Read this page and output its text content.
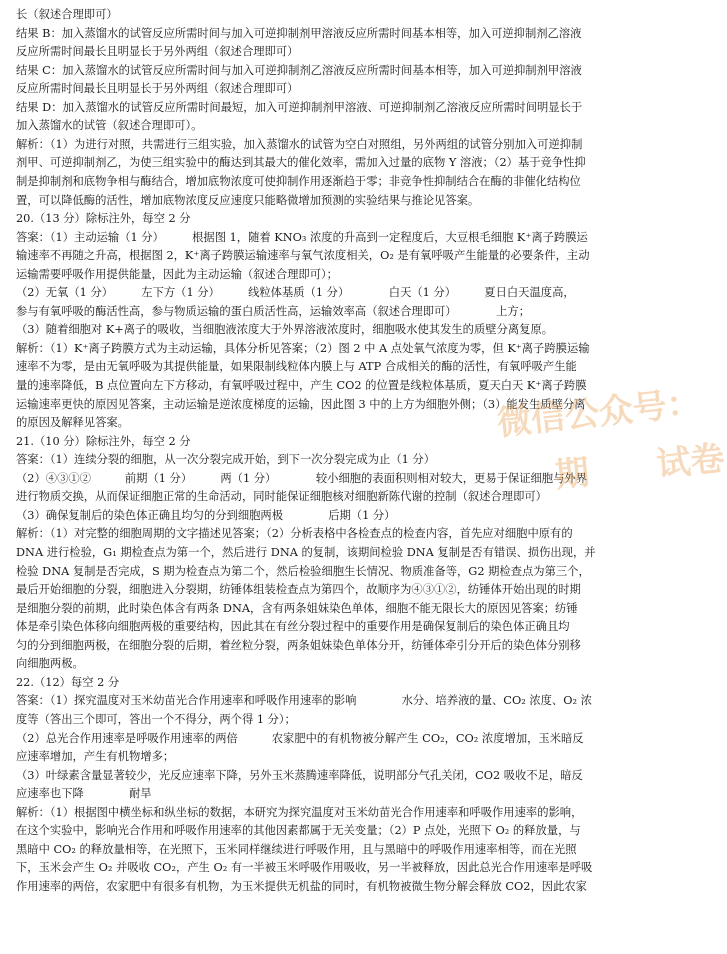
长（叙述合理即可）
结果 B：加入蒸馏水的试管反应所需时间与加入可逆抑制剂甲溶液反应所需时间基本相等，加入可逆抑制剂乙溶液
反应所需时间最长且明显长于另外两组（叙述合理即可）
结果 C：加入蒸馏水的试管反应所需时间与加入可逆抑制剂乙溶液反应所需时间基本相等，加入可逆抑制剂甲溶液
反应所需时间最长且明显长于另外两组（叙述合理即可）
结果 D：加入蒸馏水的试管反应所需时间最短，加入可逆抑制剂甲溶液、可逆抑制剂乙溶液反应所需时间明显长于
加入蒸馏水的试管（叙述合理即可）。
解析：（1）为进行对照，共需进行三组实验，加入蒸馏水的试管为空白对照组，另外两组的试管分别加入可逆抑制
剂甲、可逆抑制剂乙，为使三组实验中的酶达到其最大的催化效率，需加入过量的底物 Y 溶液；（2）基于竞争性抑
制是抑制剂和底物争相与酶结合，增加底物浓度可使抑制作用逐渐趋于零；非竞争性抑制结合在酶的非催化结构位
置，可以降低酶的活性，增加底物浓度反应速度只能略微增加预测的实验结果与推论见答案。
20.（13 分）除标注外，每空 2 分
答案：（1）主动运输（1 分）　　　根据图 1，随着 KNO₃ 浓度的升高到一定程度后，大豆根毛细胞 K⁺离子跨膜运
输速率不再随之升高，根据图 2，K⁺离子跨膜运输速率与氧气浓度相关，O₂ 是有氧呼吸产生能量的必要条件，主动
运输需要呼吸作用提供能量，因此为主动运输（叙述合理即可）；
（2）无氧（1 分）　　　左下方（1 分）　　　线粒体基质（1 分）　　　　白天（1 分）　　　夏日白天温度高，
参与有氧呼吸的酶活性高，参与物质运输的蛋白质活性高，运输效率高（叙述合理即可）　　　　上方；
（3）随着细胞对 K+离子的吸收，当细胞液浓度大于外界溶液浓度时，细胞吸水使其发生的质壁分离复原。
解析：（1）K⁺离子跨膜方式为主动运输，具体分析见答案；（2）图 2 中 A 点处氧气浓度为零，但 K⁺离子跨膜运输
速率不为零，是由无氧呼吸为其提供能量，如果限制线粒体内膜上与 ATP 合成相关的酶的活性，有氧呼吸产生能
量的速率降低，B 点位置向左下方移动，有氧呼吸过程中，产生 CO2 的位置是线粒体基质，夏天白天 K⁺离子跨膜
运输速率更快的原因见答案，主动运输是逆浓度梯度的运输，因此图 3 中的上方为细胞外侧；（3）能发生质壁分离
的原因及解释见答案。
21.（10 分）除标注外，每空 2 分
答案：（1）连续分裂的细胞，从一次分裂完成开始，到下一次分裂完成为止（1 分）
（2）④③①②　　　前期（1 分）　　　两（1 分）　　　　较小细胞的表面积则相对较大，更易于保证细胞与外界
进行物质交换，从而保证细胞正常的生命活动，同时能保证细胞核对细胞新陈代谢的控制（叙述合理即可）
（3）确保复制后的染色体正确且均匀的分到细胞两极　　　　后期（1 分）
解析：（1）对完整的细胞周期的文字描述见答案；（2）分析表格中各检查点的检查内容，首先应对细胞中原有的
DNA 进行检验，G₁ 期检查点为第一个，然后进行 DNA 的复制，该期间检验 DNA 复制是否有错误、损伤出现，并
检验 DNA 复制是否完成，S 期为检查点为第二个，然后检验细胞生长情况、物质准备等，G2 期检查点为第三个，
最后开始细胞的分裂，细胞进入分裂期，纺锤体组装检查点为第四个，故顺序为④③①②，纺锤体开始出现的时期
是细胞分裂的前期，此时染色体含有两条 DNA，含有两条姐妹染色单体，细胞不能无限长大的原因见答案；纺锤
体是牵引染色体移向细胞两极的重要结构，因此其在有丝分裂过程中的重要作用是确保复制后的染色体正确且均
匀的分到细胞两极，在细胞分裂的后期，着丝粒分裂，两条姐妹染色单体分开，纺锤体牵引分开后的染色体分别移
向细胞两极。
22.（12）每空 2 分
答案：（1）探究温度对玉米幼苗光合作用速率和呼吸作用速率的影响　　　　水分、培养液的量、CO₂ 浓度、O₂ 浓
度等（答出三个即可，答出一个不得分，两个得 1 分）；
（2）总光合作用速率是呼吸作用速率的两倍　　　农家肥中的有机物被分解产生 CO₂，CO₂ 浓度增加，玉米暗反
应速率增加，产生有机物增多；
（3）叶绿素含量显著较少，光反应速率下降，另外玉米蒸腾速率降低，说明部分气孔关闭，CO2 吸收不足，暗反
应速率也下降　　　　耐旱
解析：（1）根据图中横坐标和纵坐标的数据，本研究为探究温度对玉米幼苗光合作用速率和呼吸作用速率的影响，
在这个实验中，影响光合作用和呼吸作用速率的其他因素都属于无关变量；（2）P 点处，光照下 O₂ 的释放量，与
黑暗中 CO₂ 的释放量相等，在光照下，玉米同样继续进行呼吸作用，且与黑暗中的呼吸作用速率相等，而在光照
下，玉米会产生 O₂ 并吸收 CO₂，产生 O₂ 有一半被玉米呼吸作用吸收，另一半被释放，因此总光合作用速率是呼吸
作用速率的两倍，农家肥中有很多有机物，为玉米提供无机盐的同时，有机物被微生物分解会释放 CO2，因此农家
微信公众号：
期　　试卷
